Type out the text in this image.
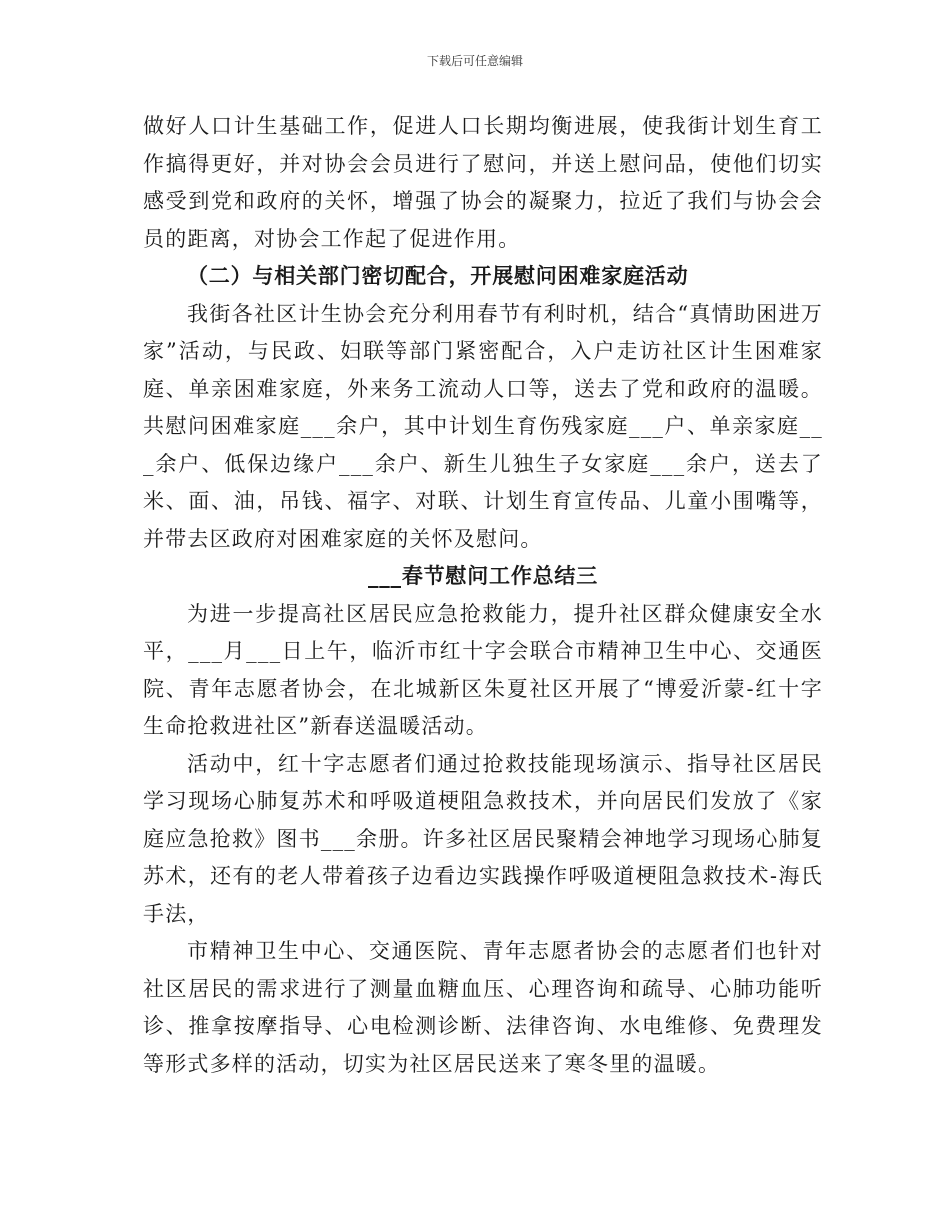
下载后可任意编辑

做好人口计生基础工作，促进人口长期均衡进展，使我街计划生育工作搞得更好，并对协会会员进行了慰问，并送上慰问品，使他们切实感受到党和政府的关怀，增强了协会的凝聚力，拉近了我们与协会会员的距离，对协会工作起了促进作用。

（二）与相关部门密切配合，开展慰问困难家庭活动

我街各社区计生协会充分利用春节有利时机，结合“真情助困进万家”活动，与民政、妇联等部门紧密配合，入户走访社区计生困难家庭、单亲困难家庭，外来务工流动人口等，送去了党和政府的温暖。共慰问困难家庭___余户，其中计划生育伤残家庭___户、单亲家庭___余户、低保边缘户___余户、新生儿独生子女家庭___余户，送去了米、面、油，吊钱、福字、对联、计划生育宣传品、儿童小围嘴等，并带去区政府对困难家庭的关怀及慰问。

___春节慰问工作总结三

为进一步提高社区居民应急抢救能力，提升社区群众健康安全水平，___月___日上午，临沂市红十字会联合市精神卫生中心、交通医院、青年志愿者协会，在北城新区朱夏社区开展了“博爱沂蒙-红十字生命抢救进社区”新春送温暖活动。

活动中，红十字志愿者们通过抢救技能现场演示、指导社区居民学习现场心肺复苏术和呼吸道梗阻急救技术，并向居民们发放了《家庭应急抢救》图书___余册。许多社区居民聚精会神地学习现场心肺复苏术，还有的老人带着孩子边看边实践操作呼吸道梗阻急救技术-海氏手法，

市精神卫生中心、交通医院、青年志愿者协会的志愿者们也针对社区居民的需求进行了测量血糖血压、心理咨询和疏导、心肺功能听诊、推拿按摩指导、心电检测诊断、法律咨询、水电维修、免费理发等形式多样的活动，切实为社区居民送来了寒冬里的温暖。
